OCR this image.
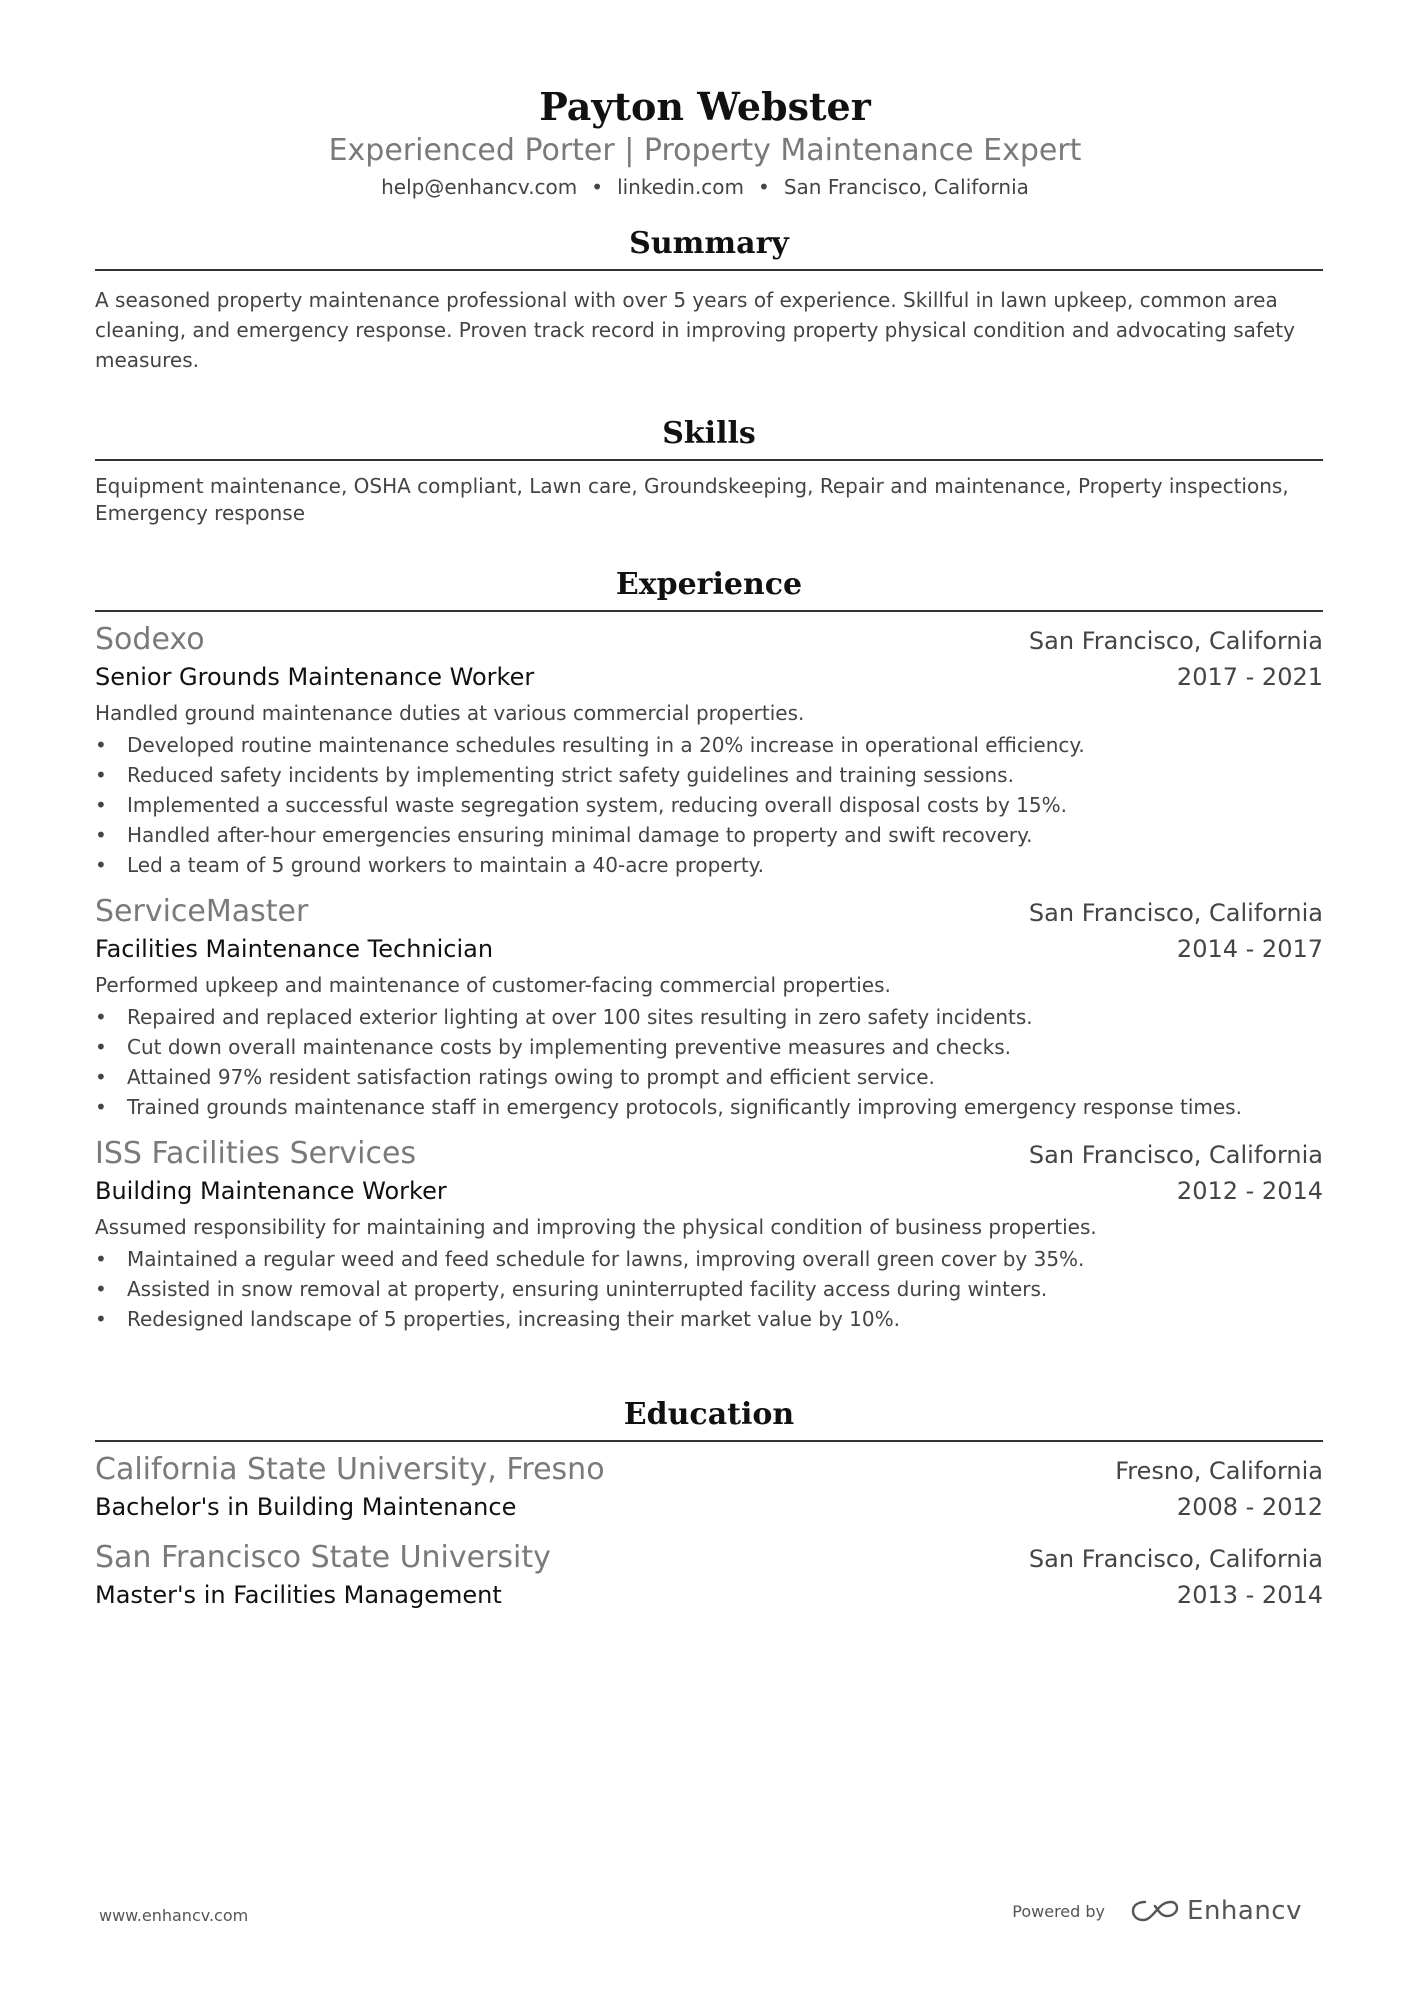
Payton Webster
Experienced Porter | Property Maintenance Expert
help@enhancv.com • linkedin.com • San Francisco, California
Summary
A seasoned property maintenance professional with over 5 years of experience. Skillful in lawn upkeep, common area cleaning, and emergency response. Proven track record in improving property physical condition and advocating safety measures.
Skills
Equipment maintenance, OSHA compliant, Lawn care, Groundskeeping, Repair and maintenance, Property inspections, Emergency response
Experience
Sodexo	San Francisco, California
Senior Grounds Maintenance Worker	2017 - 2021
Handled ground maintenance duties at various commercial properties.
• Developed routine maintenance schedules resulting in a 20% increase in operational efficiency.
• Reduced safety incidents by implementing strict safety guidelines and training sessions.
• Implemented a successful waste segregation system, reducing overall disposal costs by 15%.
• Handled after-hour emergencies ensuring minimal damage to property and swift recovery.
• Led a team of 5 ground workers to maintain a 40-acre property.
ServiceMaster	San Francisco, California
Facilities Maintenance Technician	2014 - 2017
Performed upkeep and maintenance of customer-facing commercial properties.
• Repaired and replaced exterior lighting at over 100 sites resulting in zero safety incidents.
• Cut down overall maintenance costs by implementing preventive measures and checks.
• Attained 97% resident satisfaction ratings owing to prompt and efficient service.
• Trained grounds maintenance staff in emergency protocols, significantly improving emergency response times.
ISS Facilities Services	San Francisco, California
Building Maintenance Worker	2012 - 2014
Assumed responsibility for maintaining and improving the physical condition of business properties.
• Maintained a regular weed and feed schedule for lawns, improving overall green cover by 35%.
• Assisted in snow removal at property, ensuring uninterrupted facility access during winters.
• Redesigned landscape of 5 properties, increasing their market value by 10%.
Education
California State University, Fresno	Fresno, California
Bachelor's in Building Maintenance	2008 - 2012
San Francisco State University	San Francisco, California
Master's in Facilities Management	2013 - 2014
www.enhancv.com	Powered by	Enhancv
